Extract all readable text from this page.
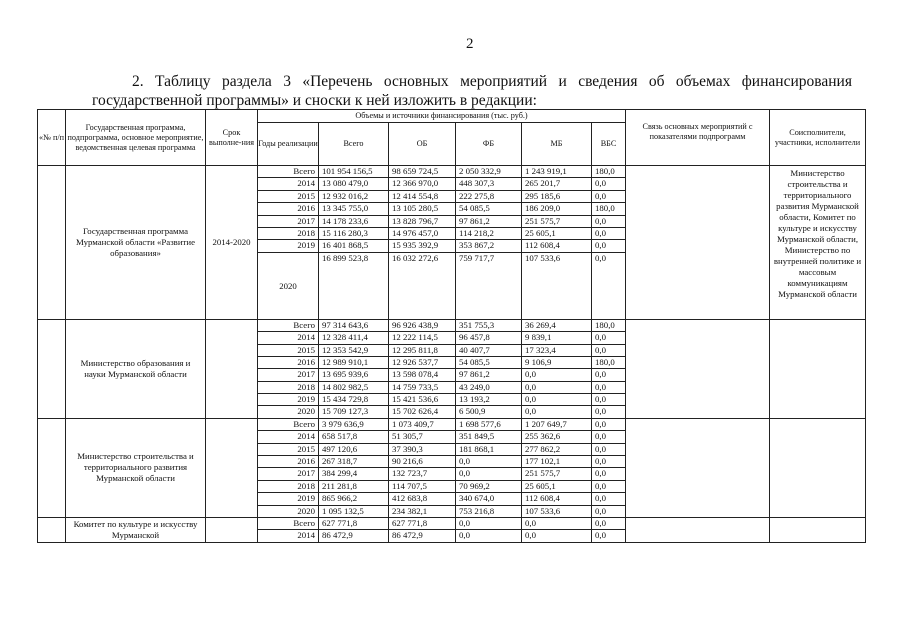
2
2. Таблицу раздела 3 «Перечень основных мероприятий и сведения об объемах финансирования
государственной программы» и сноски к ней изложить в редакции:
«№ п/п	Государственная программа, подпрограмма, основное мероприятие, ведомственная целевая программа	Срок выполне-ния	Объемы и источники финансирования (тыс. руб.)						Связь основных мероприятий с показателями подпрограмм	Соисполнители, участники, исполнители
			Годы реализации	Всего	ОБ	ФБ	МБ	ВБС		
	Государственная программа Мурманской области «Развитие образования»	2014-2020	Всего	101 954 156,5	98 659 724,5	2 050 332,9	1 243 919,1	180,0		Министерство строительства и территориального развития Мурманской области, Комитет по культуре и искусству Мурманской области, Министерство по внутренней политике и массовым коммуникациям Мурманской области
			2014	13 080 479,0	12 366 970,0	448 307,3	265 201,7	0,0		
			2015	12 932 016,2	12 414 554,8	222 275,8	295 185,6	0,0		
			2016	13 345 755,0	13 105 280,5	54 085,5	186 209,0	180,0		
			2017	14 178 233,6	13 828 796,7	97 861,2	251 575,7	0,0		
			2018	15 116 280,3	14 976 457,0	114 218,2	25 605,1	0,0		
			2019	16 401 868,5	15 935 392,9	353 867,2	112 608,4	0,0		
			2020	16 899 523,8	16 032 272,6	759 717,7	107 533,6	0,0		
	Министерство образования и науки Мурманской области		Всего	97 314 643,6	96 926 438,9	351 755,3	36 269,4	180,0		
			2014	12 328 411,4	12 222 114,5	96 457,8	9 839,1	0,0		
			2015	12 353 542,9	12 295 811,8	40 407,7	17 323,4	0,0		
			2016	12 989 910,1	12 926 537,7	54 085,5	9 106,9	180,0		
			2017	13 695 939,6	13 598 078,4	97 861,2	0,0	0,0		
			2018	14 802 982,5	14 759 733,5	43 249,0	0,0	0,0		
			2019	15 434 729,8	15 421 536,6	13 193,2	0,0	0,0		
			2020	15 709 127,3	15 702 626,4	6 500,9	0,0	0,0		
	Министерство строительства и территориального развития Мурманской области		Всего	3 979 636,9	1 073 409,7	1 698 577,6	1 207 649,7	0,0		
			2014	658 517,8	51 305,7	351 849,5	255 362,6	0,0		
			2015	497 120,6	37 390,3	181 868,1	277 862,2	0,0		
			2016	267 318,7	90 216,6	0,0	177 102,1	0,0		
			2017	384 299,4	132 723,7	0,0	251 575,7	0,0		
			2018	211 281,8	114 707,5	70 969,2	25 605,1	0,0		
			2019	865 966,2	412 683,8	340 674,0	112 608,4	0,0		
			2020	1 095 132,5	234 382,1	753 216,8	107 533,6	0,0		
	Комитет по культуре и искусству Мурманской		Всего	627 771,8	627 771,8	0,0	0,0	0,0		
			2014	86 472,9	86 472,9	0,0	0,0	0,0		
